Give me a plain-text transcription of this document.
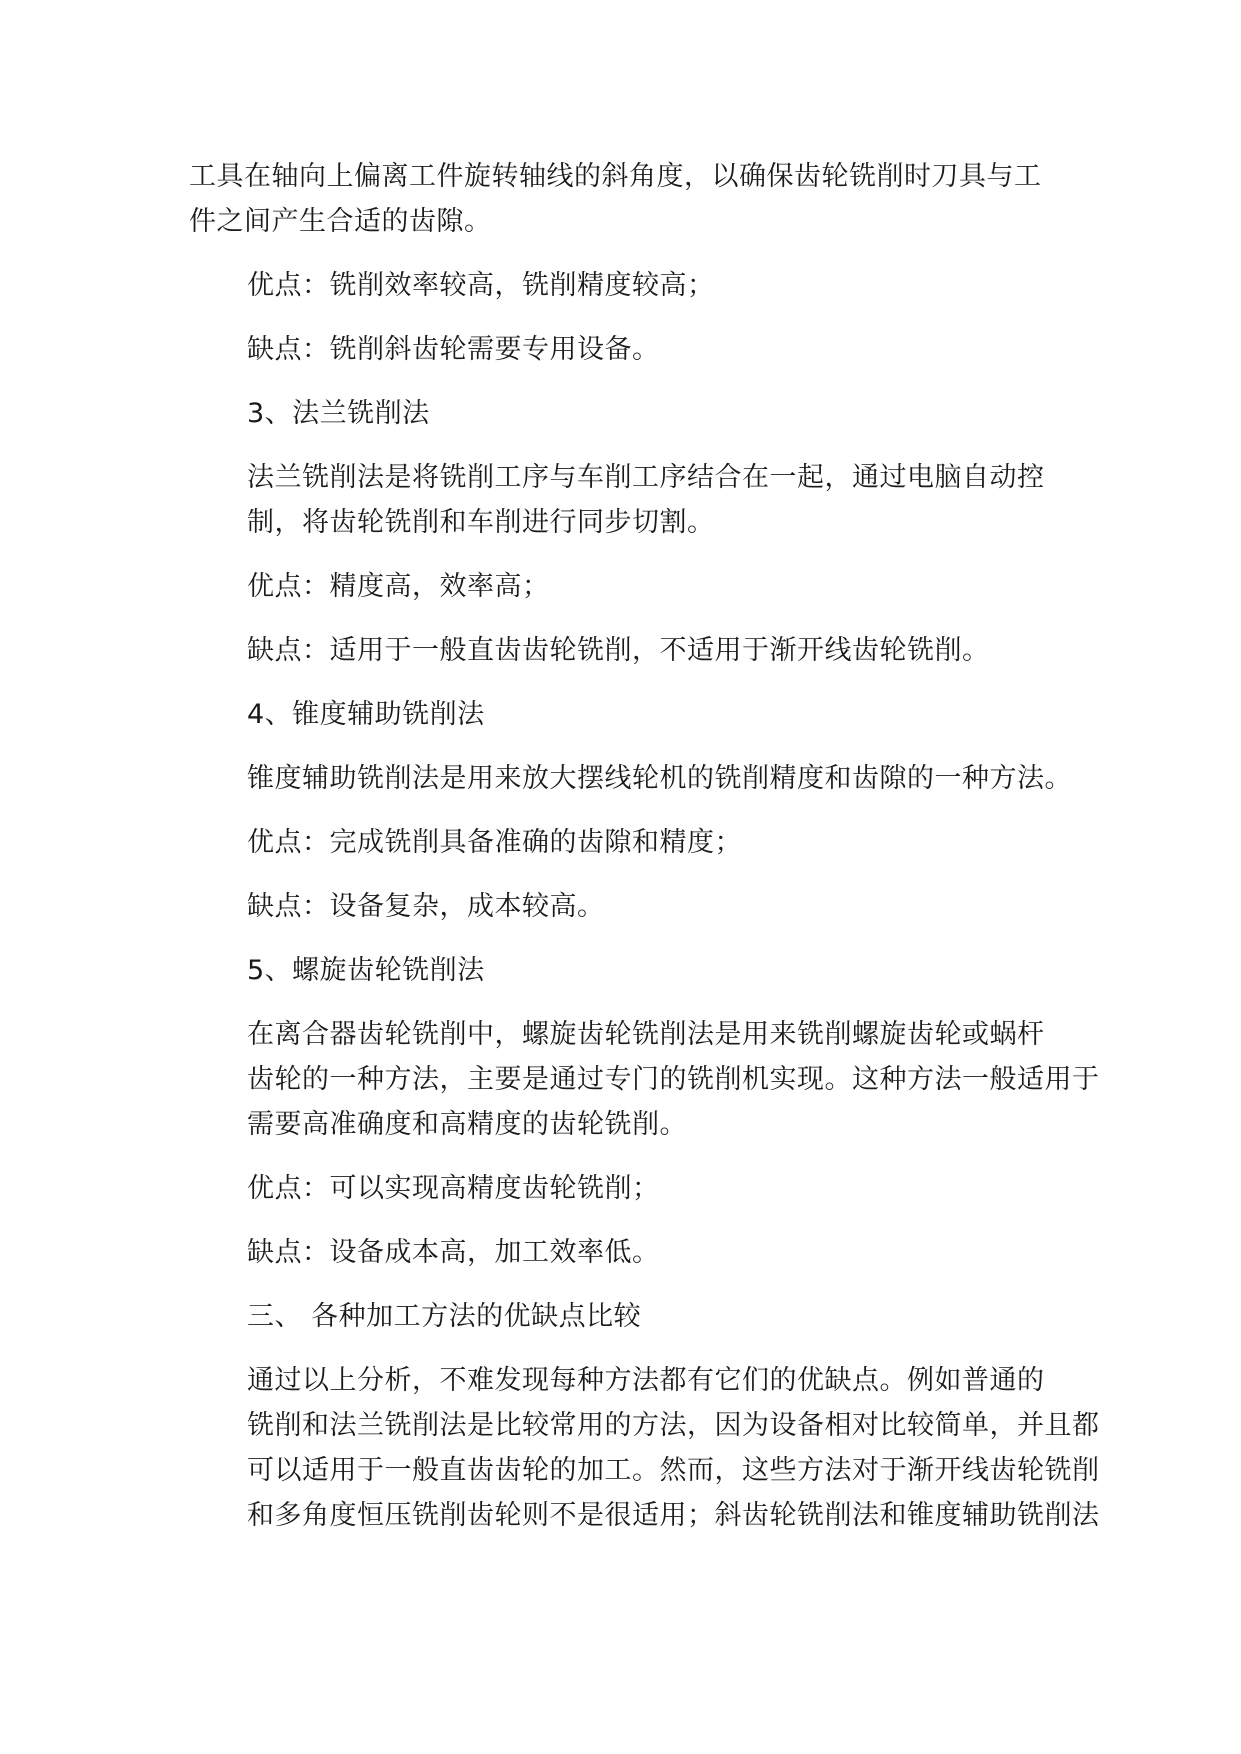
工具在轴向上偏离工件旋转轴线的斜角度，以确保齿轮铣削时刀具与工
件之间产生合适的齿隙。

优点：铣削效率较高，铣削精度较高；

缺点：铣削斜齿轮需要专用设备。

3、法兰铣削法

法兰铣削法是将铣削工序与车削工序结合在一起，通过电脑自动控
制，将齿轮铣削和车削进行同步切割。

优点：精度高，效率高；

缺点：适用于一般直齿齿轮铣削，不适用于渐开线齿轮铣削。

4、锥度辅助铣削法

锥度辅助铣削法是用来放大摆线轮机的铣削精度和齿隙的一种方法。

优点：完成铣削具备准确的齿隙和精度；

缺点：设备复杂，成本较高。

5、螺旋齿轮铣削法

在离合器齿轮铣削中，螺旋齿轮铣削法是用来铣削螺旋齿轮或蜗杆
齿轮的一种方法，主要是通过专门的铣削机实现。这种方法一般适用于
需要高准确度和高精度的齿轮铣削。

优点：可以实现高精度齿轮铣削；

缺点：设备成本高，加工效率低。

三、 各种加工方法的优缺点比较

通过以上分析，不难发现每种方法都有它们的优缺点。例如普通的
铣削和法兰铣削法是比较常用的方法，因为设备相对比较简单，并且都
可以适用于一般直齿齿轮的加工。然而，这些方法对于渐开线齿轮铣削
和多角度恒压铣削齿轮则不是很适用；斜齿轮铣削法和锥度辅助铣削法
